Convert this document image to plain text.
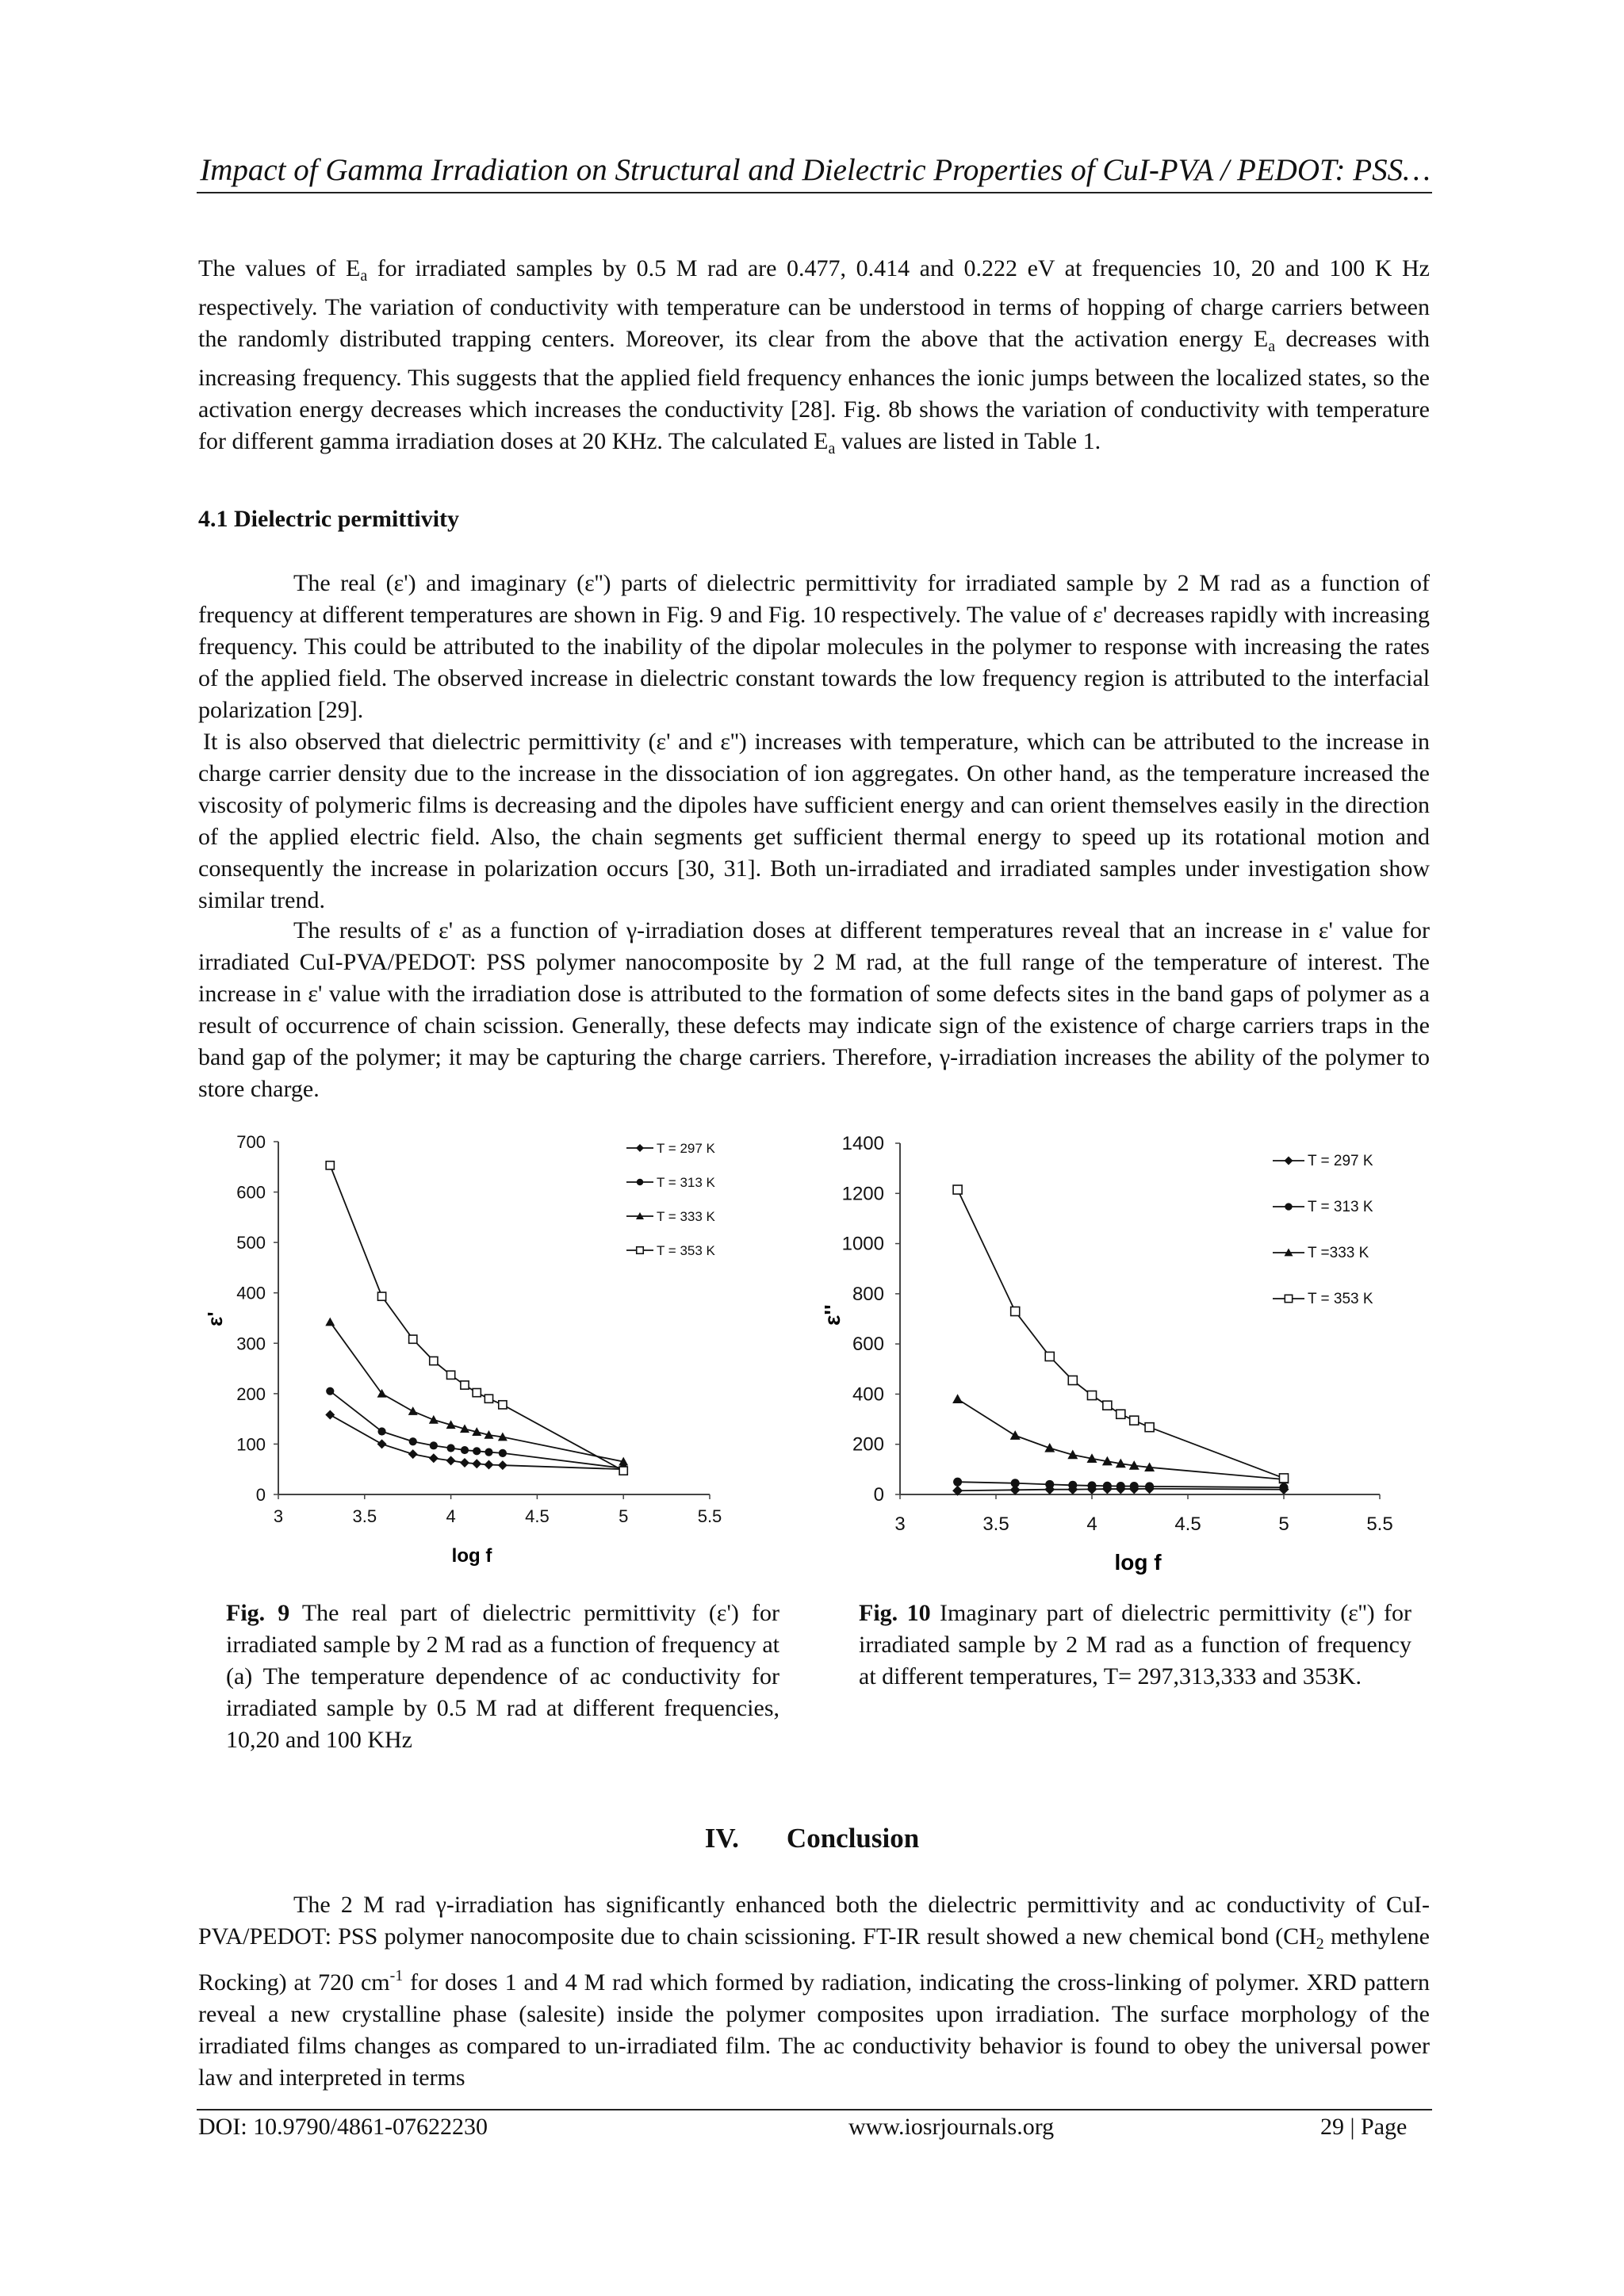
Impact of Gamma Irradiation on Structural and Dielectric Properties of CuI-PVA / PEDOT: PSS…

The values of $E_a$ for irradiated samples by 0.5 M rad are 0.477, 0.414 and 0.222 eV at frequencies 10, 20 and 100 K Hz respectively. The variation of conductivity with temperature can be understood in terms of hopping of charge carriers between the randomly distributed trapping centers. Moreover, its clear from the above that the activation energy $E_a$ decreases with increasing frequency. This suggests that the applied field frequency enhances the ionic jumps between the localized states, so the activation energy decreases which increases the conductivity [28]. Fig. 8b shows the variation of conductivity with temperature for different gamma irradiation doses at 20 KHz. The calculated $E_a$ values are listed in Table 1.

4.1 Dielectric permittivity

The real (ε') and imaginary (ε'') parts of dielectric permittivity for irradiated sample by 2 M rad as a function of frequency at different temperatures are shown in Fig. 9 and Fig. 10 respectively. The value of ε' decreases rapidly with increasing frequency. This could be attributed to the inability of the dipolar molecules in the polymer to response with increasing the rates of the applied field. The observed increase in dielectric constant towards the low frequency region is attributed to the interfacial polarization [29].

It is also observed that dielectric permittivity (ε' and ε'') increases with temperature, which can be attributed to the increase in charge carrier density due to the increase in the dissociation of ion aggregates. On other hand, as the temperature increased the viscosity of polymeric films is decreasing and the dipoles have sufficient energy and can orient themselves easily in the direction of the applied electric field. Also, the chain segments get sufficient thermal energy to speed up its rotational motion and consequently the increase in polarization occurs [30, 31]. Both un-irradiated and irradiated samples under investigation show similar trend.

The results of ε' as a function of γ-irradiation doses at different temperatures reveal that an increase in ε' value for irradiated CuI-PVA/PEDOT: PSS polymer nanocomposite by 2 M rad, at the full range of the temperature of interest. The increase in ε' value with the irradiation dose is attributed to the formation of some defects sites in the band gaps of polymer as a result of occurrence of chain scission. Generally, these defects may indicate sign of the existence of charge carriers traps in the band gap of the polymer; it may be capturing the charge carriers. Therefore, γ-irradiation increases the ability of the polymer to store charge.

0
100
200
300
400
500
600
700
3	3.5	4	4.5	5	5.5
T = 297 K
T = 313 K
T = 333 K
T = 353 K
ε'
log f
0
200
400
600
800
1000
1200
1400
3	3.5	4	4.5	5	5.5
T = 297 K
T = 313 K
T =333 K
T = 353 K
ε''
log f

Fig. 9 The real part of dielectric permittivity (ε') for irradiated sample by 2 M rad as a function of frequency at (a) The temperature dependence of ac conductivity for irradiated sample by 0.5 M rad at different frequencies, 10,20 and 100 KHz

Fig. 10 Imaginary part of dielectric permittivity (ε'') for irradiated sample by 2 M rad as a function of frequency at different temperatures, T= 297,313,333 and 353K.

IV. Conclusion

The 2 M rad γ-irradiation has significantly enhanced both the dielectric permittivity and ac conductivity of CuI-PVA/PEDOT: PSS polymer nanocomposite due to chain scissioning. FT-IR result showed a new chemical bond ($CH_2$ methylene Rocking) at 720 $cm^{-1}$ for doses 1 and 4 M rad which formed by radiation, indicating the cross-linking of polymer. XRD pattern reveal a new crystalline phase (salesite) inside the polymer composites upon irradiation. The surface morphology of the irradiated films changes as compared to un-irradiated film. The ac conductivity behavior is found to obey the universal power law and interpreted in terms

DOI: 10.9790/4861-07622230	www.iosrjournals.org	29 | Page
